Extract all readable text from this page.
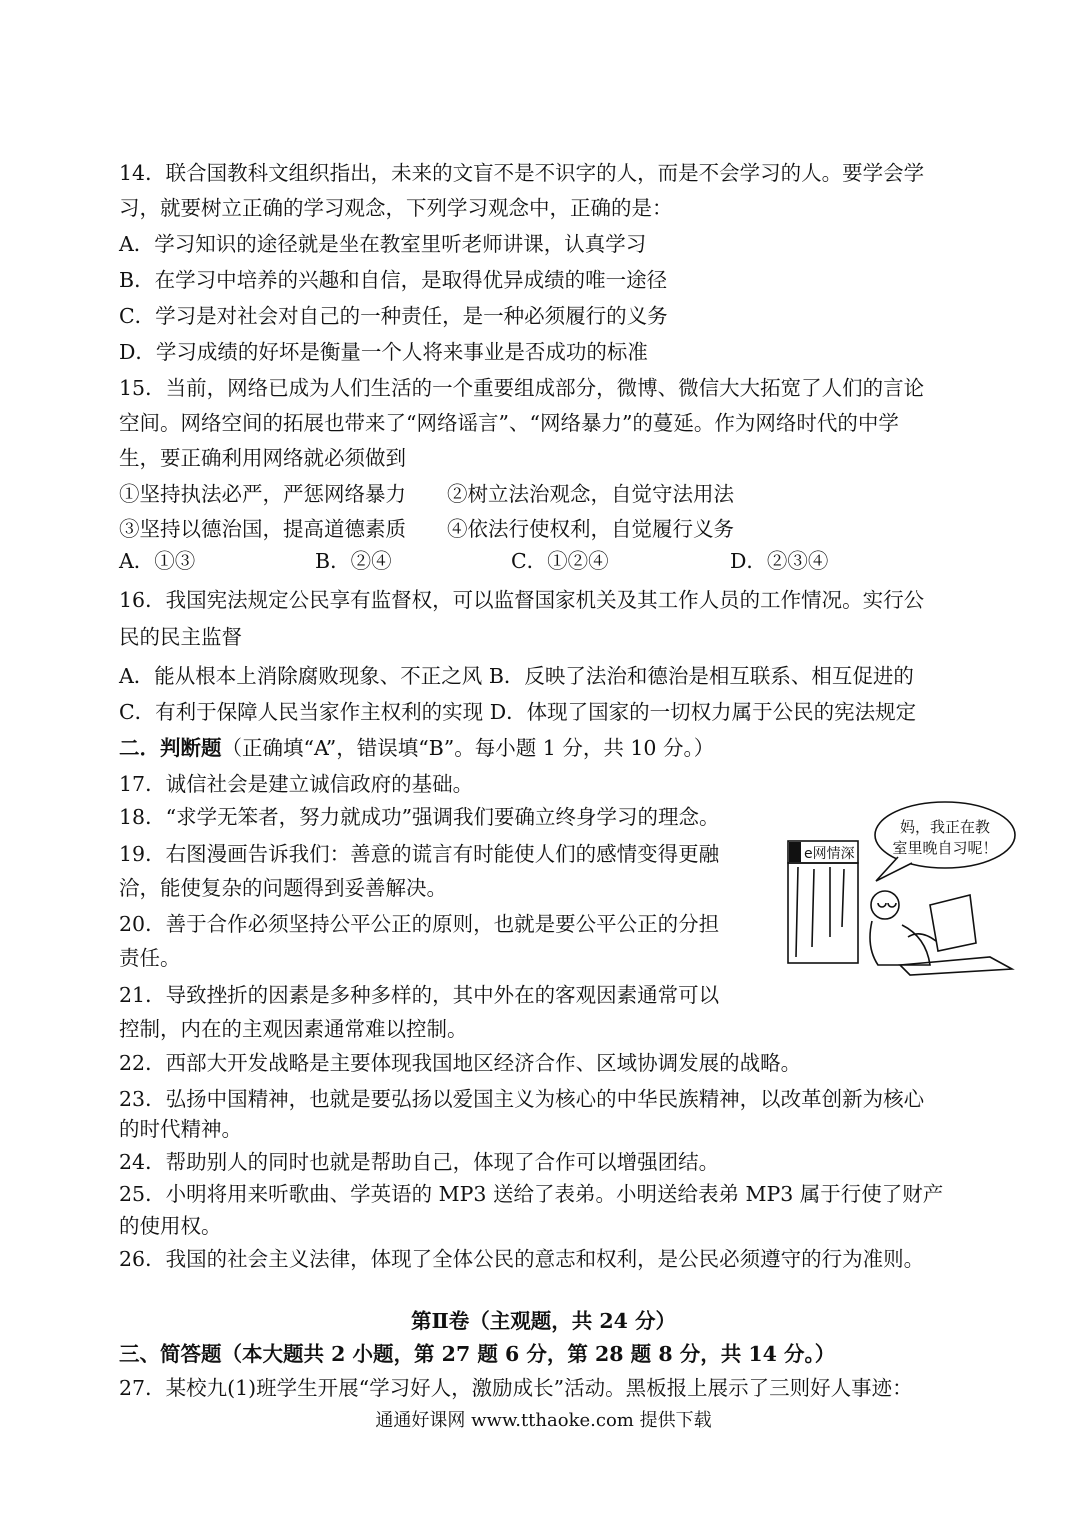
14．联合国教科文组织指出，未来的文盲不是不识字的人，而是不会学习的人。要学会学
习，就要树立正确的学习观念，下列学习观念中，正确的是：
A．学习知识的途径就是坐在教室里听老师讲课，认真学习
B．在学习中培养的兴趣和自信，是取得优异成绩的唯一途径
C．学习是对社会对自己的一种责任，是一种必须履行的义务
D．学习成绩的好坏是衡量一个人将来事业是否成功的标准
15．当前，网络已成为人们生活的一个重要组成部分，微博、微信大大拓宽了人们的言论
空间。网络空间的拓展也带来了“网络谣言”、“网络暴力”的蔓延。作为网络时代的中学
生，要正确利用网络就必须做到
①坚持执法必严，严惩网络暴力　　②树立法治观念，自觉守法用法
③坚持以德治国，提高道德素质　　④依法行使权利，自觉履行义务
A．①③	B．②④	C．①②④	D．②③④
16．我国宪法规定公民享有监督权，可以监督国家机关及其工作人员的工作情况。实行公
民的民主监督
A．能从根本上消除腐败现象、不正之风 B．反映了法治和德治是相互联系、相互促进的
C．有利于保障人民当家作主权利的实现 D．体现了国家的一切权力属于公民的宪法规定
二．判断题（正确填“A”，错误填“B”。每小题 1 分，共 10 分。）
17．诚信社会是建立诚信政府的基础。
18．“求学无笨者，努力就成功”强调我们要确立终身学习的理念。
19．右图漫画告诉我们：善意的谎言有时能使人们的感情变得更融
洽，能使复杂的问题得到妥善解决。
20．善于合作必须坚持公平公正的原则，也就是要公平公正的分担
责任。
21．导致挫折的因素是多种多样的，其中外在的客观因素通常可以
控制，内在的主观因素通常难以控制。
22．西部大开发战略是主要体现我国地区经济合作、区域协调发展的战略。
23．弘扬中国精神，也就是要弘扬以爱国主义为核心的中华民族精神，以改革创新为核心
的时代精神。
24．帮助别人的同时也就是帮助自己，体现了合作可以增强团结。
25．小明将用来听歌曲、学英语的 MP3 送给了表弟。小明送给表弟 MP3 属于行使了财产
的使用权。
26．我国的社会主义法律，体现了全体公民的意志和权利，是公民必须遵守的行为准则。
e网情深
妈，我正在教
室里晚自习呢！
第Ⅱ卷（主观题，共 24 分）
三、简答题（本大题共 2 小题，第 27 题 6 分，第 28 题 8 分，共 14 分。）
27．某校九(1)班学生开展“学习好人，激励成长”活动。黑板报上展示了三则好人事迹：
通通好课网 www.tthaoke.com 提供下载
